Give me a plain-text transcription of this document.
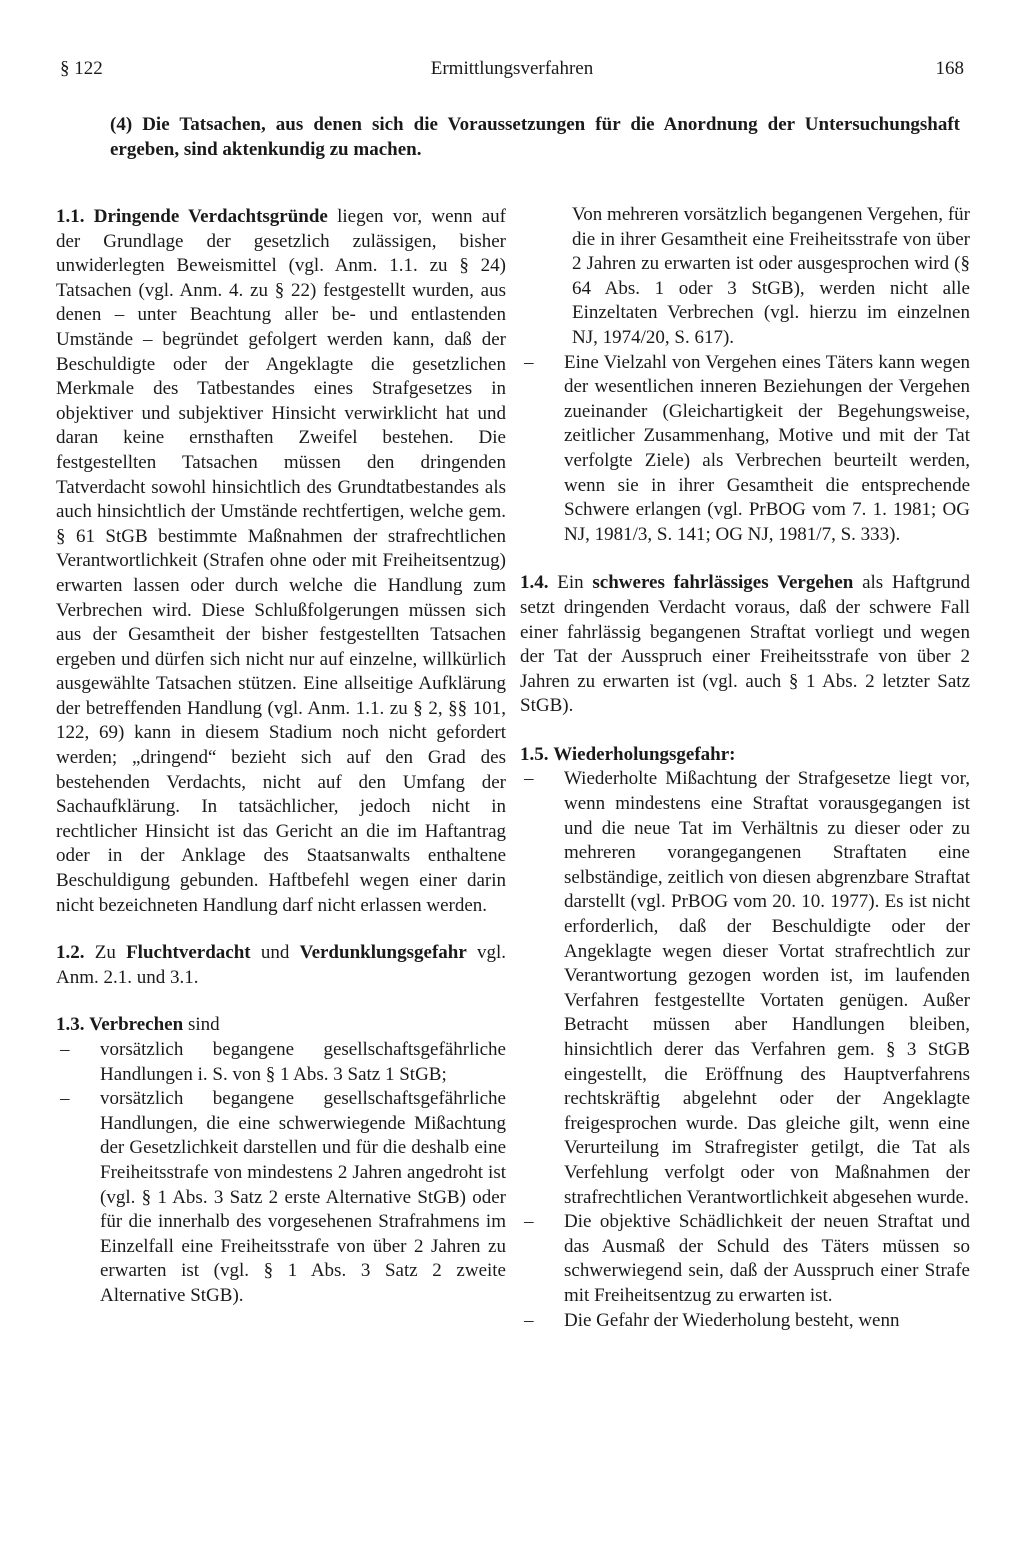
§ 122	Ermittlungsverfahren	168
(4) Die Tatsachen, aus denen sich die Voraussetzungen für die Anordnung der Untersuchungshaft ergeben, sind aktenkundig zu machen.

1.1. Dringende Verdachtsgründe liegen vor, wenn auf der Grundlage der gesetzlich zulässigen, bisher unwiderlegten Beweismittel (vgl. Anm. 1.1. zu § 24) Tatsachen (vgl. Anm. 4. zu § 22) festgestellt wurden, aus denen – unter Beachtung aller be- und entlastenden Umstände – begründet gefolgert werden kann, daß der Beschuldigte oder der Angeklagte die gesetzlichen Merkmale des Tatbestandes eines Strafgesetzes in objektiver und subjektiver Hinsicht verwirklicht hat und daran keine ernsthaften Zweifel bestehen. Die festgestellten Tatsachen müssen den dringenden Tatverdacht sowohl hinsichtlich des Grundtatbestandes als auch hinsichtlich der Umstände rechtfertigen, welche gem. § 61 StGB bestimmte Maßnahmen der strafrechtlichen Verantwortlichkeit (Strafen ohne oder mit Freiheitsentzug) erwarten lassen oder durch welche die Handlung zum Verbrechen wird. Diese Schlußfolgerungen müssen sich aus der Gesamtheit der bisher festgestellten Tatsachen ergeben und dürfen sich nicht nur auf einzelne, willkürlich ausgewählte Tatsachen stützen. Eine allseitige Aufklärung der betreffenden Handlung (vgl. Anm. 1.1. zu § 2, §§ 101, 122, 69) kann in diesem Stadium noch nicht gefordert werden; „dringend“ bezieht sich auf den Grad des bestehenden Verdachts, nicht auf den Umfang der Sachaufklärung. In tatsächlicher, jedoch nicht in rechtlicher Hinsicht ist das Gericht an die im Haftantrag oder in der Anklage des Staatsanwalts enthaltene Beschuldigung gebunden. Haftbefehl wegen einer darin nicht bezeichneten Handlung darf nicht erlassen werden.

1.2. Zu Fluchtverdacht und Verdunklungsgefahr vgl. Anm. 2.1. und 3.1.

1.3. Verbrechen sind

– vorsätzlich begangene gesellschaftsgefährliche Handlungen i. S. von § 1 Abs. 3 Satz 1 StGB;

– vorsätzlich begangene gesellschaftsgefährliche Handlungen, die eine schwerwiegende Mißachtung der Gesetzlichkeit darstellen und für die deshalb eine Freiheitsstrafe von mindestens 2 Jahren angedroht ist (vgl. § 1 Abs. 3 Satz 2 erste Alternative StGB) oder für die innerhalb des vorgesehenen Strafrahmens im Einzelfall eine Freiheitsstrafe von über 2 Jahren zu erwarten ist (vgl. § 1 Abs. 3 Satz 2 zweite Alternative StGB).

Von mehreren vorsätzlich begangenen Vergehen, für die in ihrer Gesamtheit eine Freiheitsstrafe von über 2 Jahren zu erwarten ist oder ausgesprochen wird (§ 64 Abs. 1 oder 3 StGB), werden nicht alle Einzeltaten Verbrechen (vgl. hierzu im einzelnen NJ, 1974/20, S. 617).

– Eine Vielzahl von Vergehen eines Täters kann wegen der wesentlichen inneren Beziehungen der Vergehen zueinander (Gleichartigkeit der Begehungsweise, zeitlicher Zusammenhang, Motive und mit der Tat verfolgte Ziele) als Verbrechen beurteilt werden, wenn sie in ihrer Gesamtheit die entsprechende Schwere erlangen (vgl. PrBOG vom 7. 1. 1981; OG NJ, 1981/3, S. 141; OG NJ, 1981/7, S. 333).

1.4. Ein schweres fahrlässiges Vergehen als Haftgrund setzt dringenden Verdacht voraus, daß der schwere Fall einer fahrlässig begangenen Straftat vorliegt und wegen der Tat der Ausspruch einer Freiheitsstrafe von über 2 Jahren zu erwarten ist (vgl. auch § 1 Abs. 2 letzter Satz StGB).

1.5. Wiederholungsgefahr:

– Wiederholte Mißachtung der Strafgesetze liegt vor, wenn mindestens eine Straftat vorausgegangen ist und die neue Tat im Verhältnis zu dieser oder zu mehreren vorangegangenen Straftaten eine selbständige, zeitlich von diesen abgrenzbare Straftat darstellt (vgl. PrBOG vom 20. 10. 1977). Es ist nicht erforderlich, daß der Beschuldigte oder der Angeklagte wegen dieser Vortat strafrechtlich zur Verantwortung gezogen worden ist, im laufenden Verfahren festgestellte Vortaten genügen. Außer Betracht müssen aber Handlungen bleiben, hinsichtlich derer das Verfahren gem. § 3 StGB eingestellt, die Eröffnung des Hauptverfahrens rechtskräftig abgelehnt oder der Angeklagte freigesprochen wurde. Das gleiche gilt, wenn eine Verurteilung im Strafregister getilgt, die Tat als Verfehlung verfolgt oder von Maßnahmen der strafrechtlichen Verantwortlichkeit abgesehen wurde.

– Die objektive Schädlichkeit der neuen Straftat und das Ausmaß der Schuld des Täters müssen so schwerwiegend sein, daß der Ausspruch einer Strafe mit Freiheitsentzug zu erwarten ist.

– Die Gefahr der Wiederholung besteht, wenn
